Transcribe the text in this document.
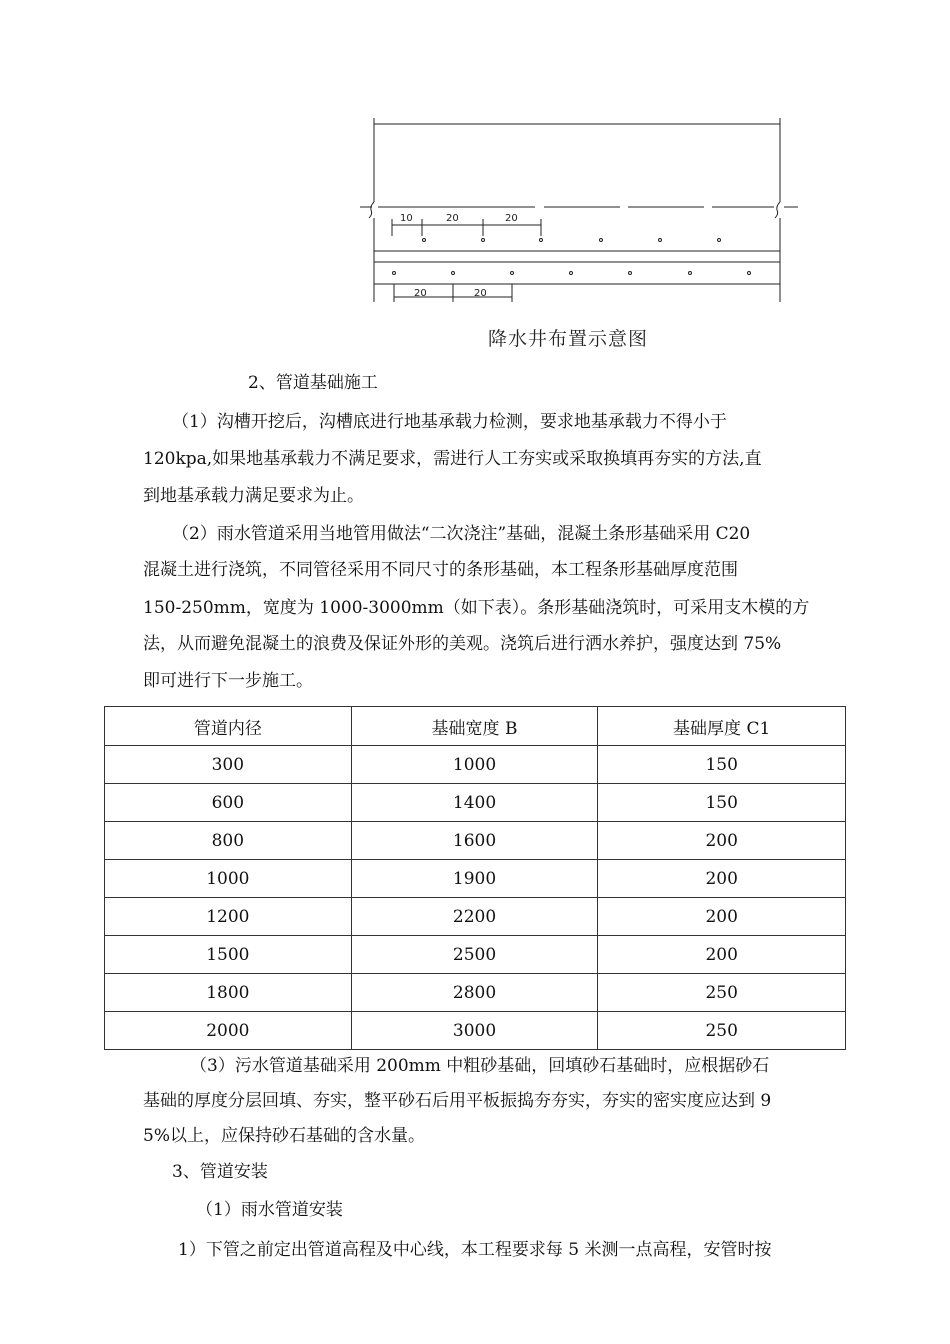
10	20	20
20	20
降水井布置示意图
2、管道基础施工
（1）沟槽开挖后，沟槽底进行地基承载力检测，要求地基承载力不得小于
120kpa,如果地基承载力不满足要求，需进行人工夯实或采取换填再夯实的方法,直
到地基承载力满足要求为止。
（2）雨水管道采用当地管用做法“二次浇注”基础，混凝土条形基础采用 C20
混凝土进行浇筑，不同管径采用不同尺寸的条形基础，本工程条形基础厚度范围
150-250mm，宽度为 1000-3000mm（如下表）。条形基础浇筑时，可采用支木模的方
法，从而避免混凝土的浪费及保证外形的美观。浇筑后进行洒水养护，强度达到 75%
即可进行下一步施工。
管道内径	基础宽度 B	基础厚度 C1
300	1000	150
600	1400	150
800	1600	200
1000	1900	200
1200	2200	200
1500	2500	200
1800	2800	250
2000	3000	250
（3）污水管道基础采用 200mm 中粗砂基础，回填砂石基础时，应根据砂石
基础的厚度分层回填、夯实，整平砂石后用平板振捣夯夯实，夯实的密实度应达到 9
5%以上，应保持砂石基础的含水量。
3、管道安装
（1）雨水管道安装
1）下管之前定出管道高程及中心线，本工程要求每 5 米测一点高程，安管时按
